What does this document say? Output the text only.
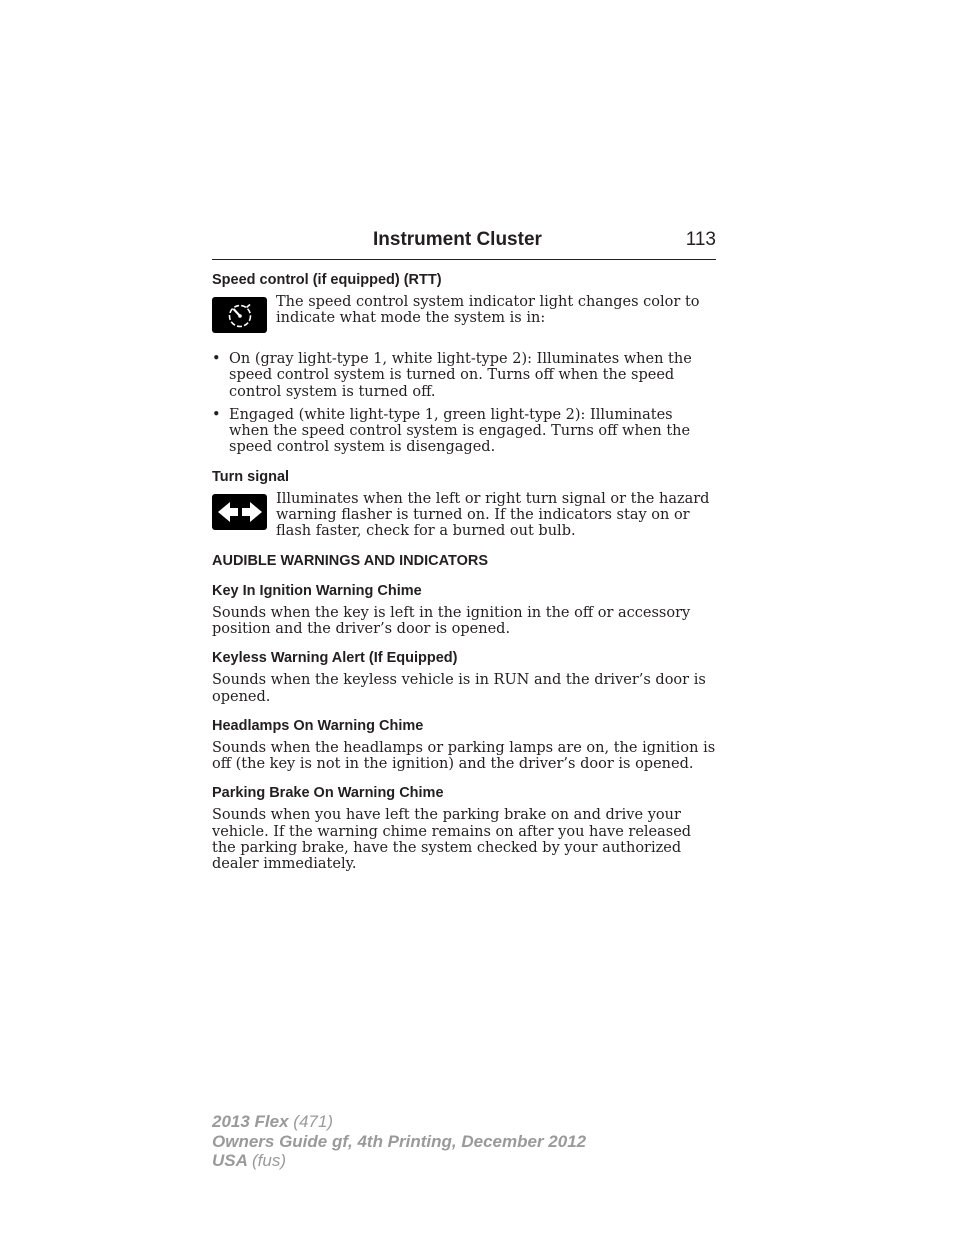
Instrument Cluster	113
Speed control (if equipped) (RTT)

The speed control system indicator light changes color to indicate what mode the system is in:

• On (gray light-type 1, white light-type 2): Illuminates when the speed control system is turned on. Turns off when the speed control system is turned off.
• Engaged (white light-type 1, green light-type 2): Illuminates when the speed control system is engaged. Turns off when the speed control system is disengaged.
Turn signal

Illuminates when the left or right turn signal or the hazard warning flasher is turned on. If the indicators stay on or flash faster, check for a burned out bulb.

AUDIBLE WARNINGS AND INDICATORS
Key In Ignition Warning Chime

Sounds when the key is left in the ignition in the off or accessory position and the driver’s door is opened.

Keyless Warning Alert (If Equipped)

Sounds when the keyless vehicle is in RUN and the driver’s door is opened.

Headlamps On Warning Chime

Sounds when the headlamps or parking lamps are on, the ignition is off (the key is not in the ignition) and the driver’s door is opened.

Parking Brake On Warning Chime

Sounds when you have left the parking brake on and drive your vehicle. If the warning chime remains on after you have released the parking brake, have the system checked by your authorized dealer immediately.

2013 Flex (471)
Owners Guide gf, 4th Printing, December 2012
USA (fus)
